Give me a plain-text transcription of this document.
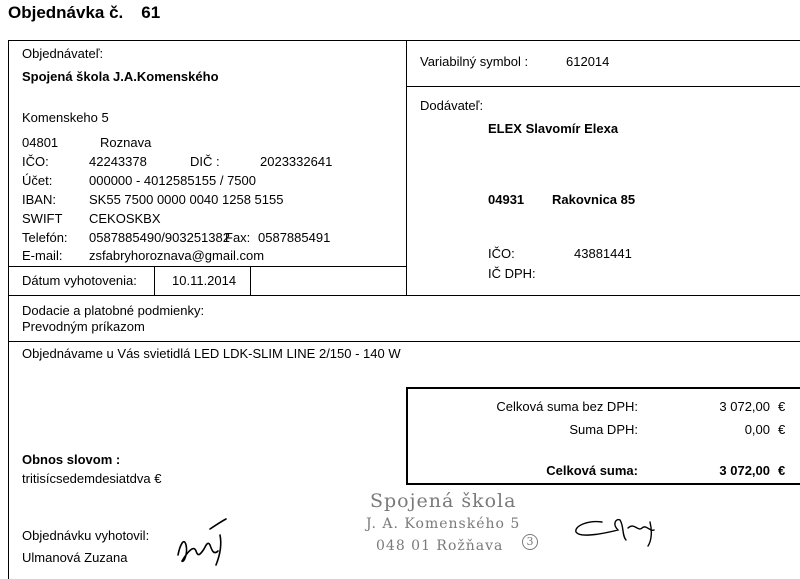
Objednávka č. 61
Objednávateľ:
Spojená škola J.A.Komenského
Komenskeho 5
04801	Roznava
IČO:	42243378	DIČ :	2023332641
Účet:	000000 - 4012585155 / 7500
IBAN:	SK55 7500 0000 0040 1258 5155
SWIFT CEKOSKBX
Telefón: 0587885490/903251382
Fax: 0587885491
E-mail: zsfabryhoroznava@gmail.com
Dátum vyhotovenia:	10.11.2014
Variabilný symbol :	612014
Dodávateľ:
ELEX Slavomír Elexa
04931 Rakovnica 85
IČO:	43881441
IČ DPH:
Dodacie a platobné podmienky:
Prevodným príkazom
Objednávame u Vás svietidlá LED LDK-SLIM LINE 2/150 - 140 W
Celková suma bez DPH:	3 072,00 €
Suma DPH:	0,00 €
Celková suma:	3 072,00 €
Obnos slovom :
tritisícsedemdesiatdva €
Objednávku vyhotovil:
Ulmanová Zuzana
Spojená škola
J. A. Komenského 5
048 01 Rožňava	3
